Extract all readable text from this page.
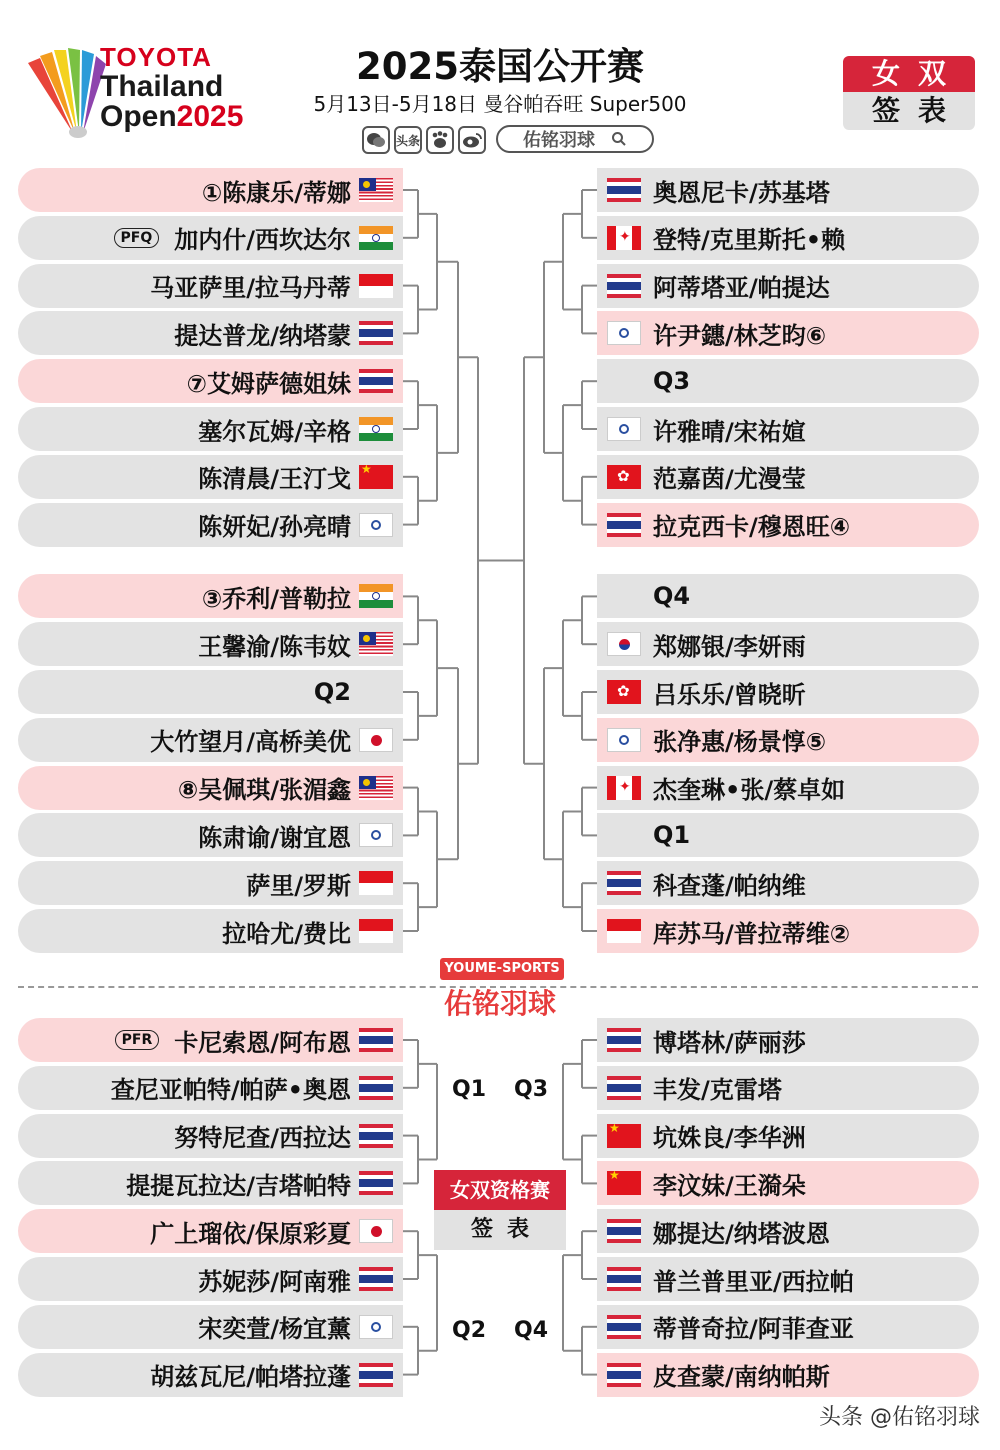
TOYOTA
Thailand
Open2025
2025泰国公开赛
5月13日-5月18日 曼谷帕吞旺 Super500
头条	佑铭羽球
女双
签表
①陈康乐/蒂娜
PFQ 加内什/西坎达尔
马亚萨里/拉马丹蒂
提达普龙/纳塔蒙
⑦艾姆萨德姐妹
塞尔瓦姆/辛格
陈清晨/王汀戈
★
陈妍妃/孙亮晴
③乔利/普勒拉
王馨渝/陈韦妏
Q2
大竹望月/高桥美优
⑧吴佩琪/张湄鑫
陈肃谕/谢宜恩
萨里/罗斯
拉哈尤/费比
奥恩尼卡/苏基塔
✦
登特/克里斯托•赖
阿蒂塔亚/帕提达
许尹鏸/林芝昀⑥
Q3
许雅晴/宋祐媗
✿
范嘉茵/尤漫莹
拉克西卡/穆恩旺④
Q4
郑娜银/李妍雨
✿
吕乐乐/曾晓昕
张净惠/杨景惇⑤
✦
杰奎琳•张/蔡卓如
Q1
科查蓬/帕纳维
库苏马/普拉蒂维②
YOUME-SPORTS
佑铭羽球
PFR 卡尼索恩/阿布恩
查尼亚帕特/帕萨•奥恩
努特尼查/西拉达
提提瓦拉达/吉塔帕特
广上瑠依/保原彩夏
苏妮莎/阿南雅
宋奕萱/杨宜薰
胡兹瓦尼/帕塔拉蓬
博塔林/萨丽莎
丰发/克雷塔
★
坑姝良/李华洲
★
李汶妹/王漪朵
娜提达/纳塔波恩
普兰普里亚/西拉帕
蒂普奇拉/阿菲查亚
皮查蒙/南纳帕斯
Q1 Q3
Q2 Q4
女双资格赛
签表
头条 @佑铭羽球
